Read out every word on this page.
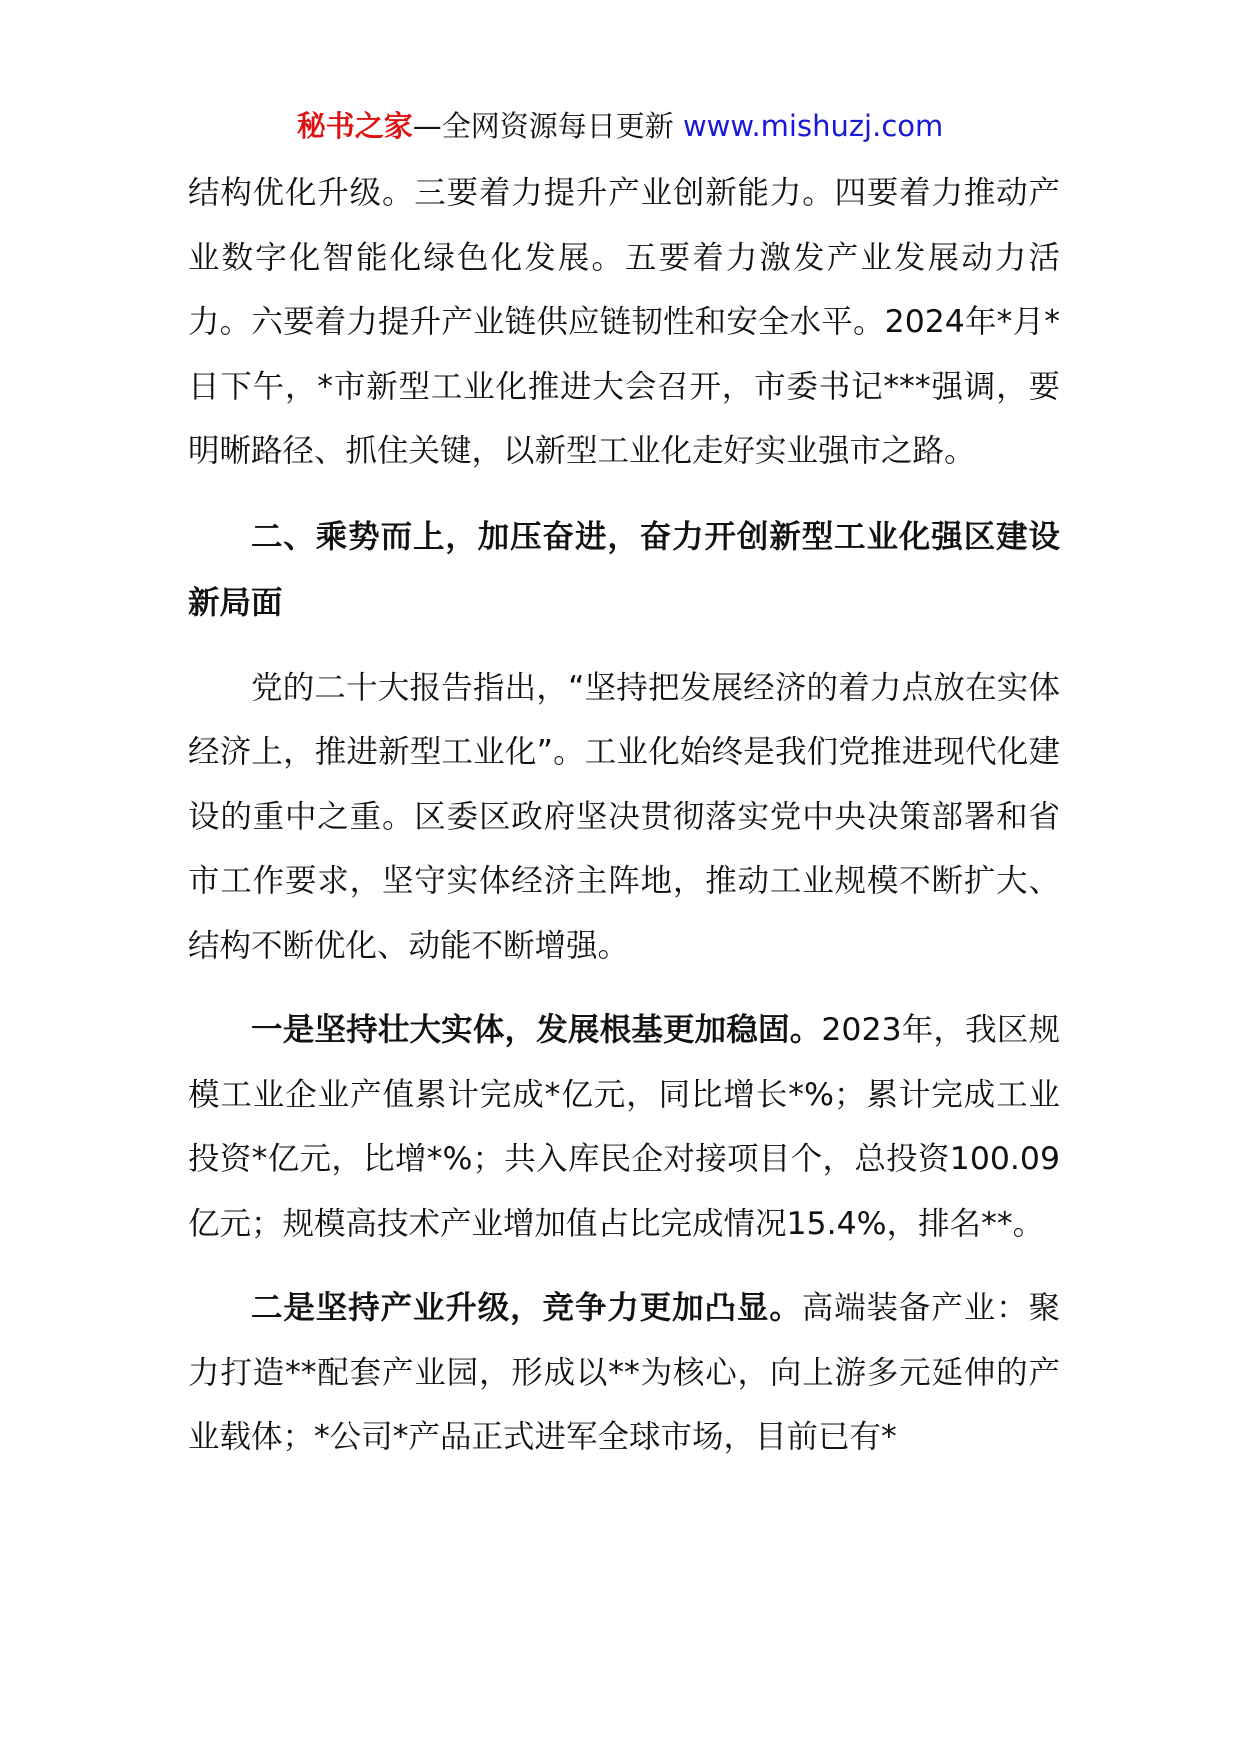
秘书之家—全网资源每日更新 www.mishuzj.com

结构优化升级。三要着力提升产业创新能力。四要着力推动产业数字化智能化绿色化发展。五要着力激发产业发展动力活力。六要着力提升产业链供应链韧性和安全水平。2024年*月*日下午，*市新型工业化推进大会召开，市委书记***强调，要明晰路径、抓住关键，以新型工业化走好实业强市之路。

二、乘势而上，加压奋进，奋力开创新型工业化强区建设新局面

党的二十大报告指出，“坚持把发展经济的着力点放在实体经济上，推进新型工业化”。工业化始终是我们党推进现代化建设的重中之重。区委区政府坚决贯彻落实党中央决策部署和省市工作要求，坚守实体经济主阵地，推动工业规模不断扩大、结构不断优化、动能不断增强。

一是坚持壮大实体，发展根基更加稳固。2023年，我区规模工业企业产值累计完成*亿元，同比增长*%；累计完成工业投资*亿元，比增*%；共入库民企对接项目个，总投资100.09亿元；规模高技术产业增加值占比完成情况15.4%，排名**。

二是坚持产业升级，竞争力更加凸显。高端装备产业：聚力打造**配套产业园，形成以**为核心，向上游多元延伸的产业载体；*公司*产品正式进军全球市场，目前已有*
